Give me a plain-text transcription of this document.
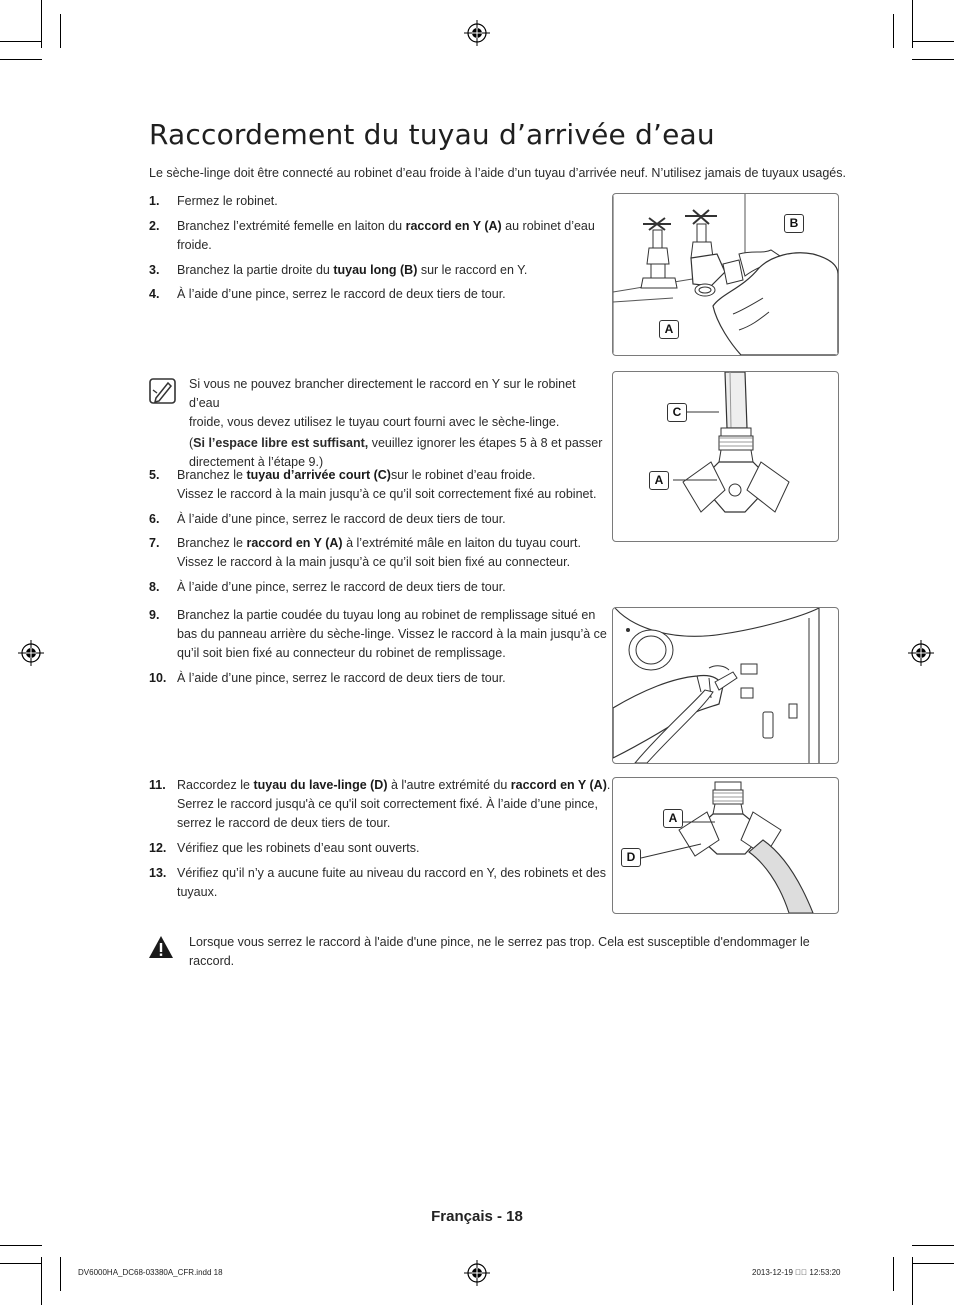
Raccordement du tuyau d’arrivée d’eau
Le sèche-linge doit être connecté au robinet d’eau froide à l’aide d’un tuyau d’arrivée neuf. N’utilisez jamais de tuyaux usagés.
1. Fermez le robinet.
2. Branchez l’extrémité femelle en laiton du raccord en Y (A) au robinet d’eau
froide.
3. Branchez la partie droite du tuyau long (B) sur le raccord en Y.
4. À l’aide d’une pince, serrez le raccord de deux tiers de tour.
Si vous ne pouvez brancher directement le raccord en Y sur le robinet d’eau
froide, vous devez utilisez le tuyau court fourni avec le sèche-linge.
(Si l’espace libre est suffisant, veuillez ignorer les étapes 5 à 8 et passer
directement à l’étape 9.)
5. Branchez le tuyau d’arrivée court (C)sur le robinet d’eau froide.
Vissez le raccord à la main jusqu’à ce qu’il soit correctement fixé au robinet.
6. À l’aide d’une pince, serrez le raccord de deux tiers de tour.
7. Branchez le raccord en Y (A) à l’extrémité mâle en laiton du tuyau court.
Vissez le raccord à la main jusqu’à ce qu’il soit bien fixé au connecteur.
8. À l’aide d’une pince, serrez le raccord de deux tiers de tour.
9. Branchez la partie coudée du tuyau long au robinet de remplissage situé en
bas du panneau arrière du sèche-linge. Vissez le raccord à la main jusqu’à ce
qu’il soit bien fixé au connecteur du robinet de remplissage.
10. À l’aide d’une pince, serrez le raccord de deux tiers de tour.
11. Raccordez le tuyau du lave-linge (D) à l'autre extrémité du raccord en Y (A).
Serrez le raccord jusqu'à ce qu'il soit correctement fixé. À l’aide d’une pince,
serrez le raccord de deux tiers de tour.
12. Vérifiez que les robinets d’eau sont ouverts.
13. Vérifiez qu’il n’y a aucune fuite au niveau du raccord en Y, des robinets et des
tuyaux.
B
A
C
A
A
D
Lorsque vous serrez le raccord à l'aide d'une pince, ne le serrez pas trop. Cela est susceptible d'endommager le
raccord.
Français - 18
DV6000HA_DC68-03380A_CFR.indd 18	2013-12-19 ￿￿ 12:53:20
